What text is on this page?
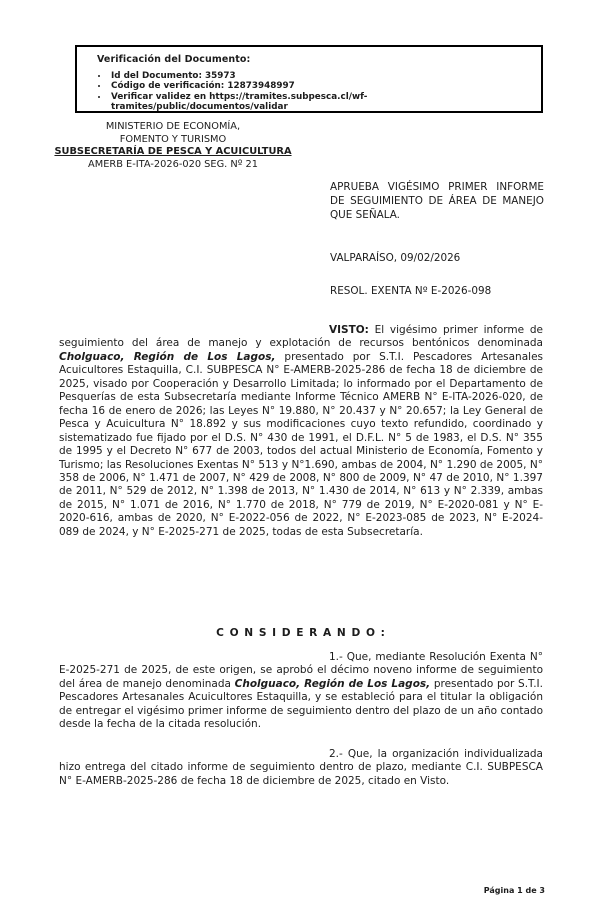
Verificación del Documento:
• Id del Documento: 35973
• Código de verificación: 12873948997
• Verificar validez en https://tramites.subpesca.cl/wf-tramites/public/documentos/validar
MINISTERIO DE ECONOMÍA,
FOMENTO Y TURISMO
SUBSECRETARÍA DE PESCA Y ACUICULTURA
AMERB E-ITA-2026-020 SEG. Nº 21
APRUEBA VIGÉSIMO PRIMER INFORME DE SEGUIMIENTO DE ÁREA DE MANEJO QUE SEÑALA.
VALPARAÍSO, 09/02/2026
RESOL. EXENTA Nº E-2026-098

VISTO: El vigésimo primer informe de seguimiento del área de manejo y explotación de recursos bentónicos denominada Cholguaco, Región de Los Lagos, presentado por S.T.I. Pescadores Artesanales Acuicultores Estaquilla, C.I. SUBPESCA N° E-AMERB-2025-286 de fecha 18 de diciembre de 2025, visado por Cooperación y Desarrollo Limitada; lo informado por el Departamento de Pesquerías de esta Subsecretaría mediante Informe Técnico AMERB N° E-ITA-2026-020, de fecha 16 de enero de 2026; las Leyes N° 19.880, N° 20.437 y N° 20.657; la Ley General de Pesca y Acuicultura N° 18.892 y sus modificaciones cuyo texto refundido, coordinado y sistematizado fue fijado por el D.S. N° 430 de 1991, el D.F.L. N° 5 de 1983, el D.S. N° 355 de 1995 y el Decreto N° 677 de 2003, todos del actual Ministerio de Economía, Fomento y Turismo; las Resoluciones Exentas N° 513 y N°1.690, ambas de 2004, N° 1.290 de 2005, N° 358 de 2006, N° 1.471 de 2007, N° 429 de 2008, N° 800 de 2009, N° 47 de 2010, N° 1.397 de 2011, N° 529 de 2012, N° 1.398 de 2013, N° 1.430 de 2014, N° 613 y N° 2.339, ambas de 2015, N° 1.071 de 2016, N° 1.770 de 2018, N° 779 de 2019, N° E-2020-081 y N° E-2020-616, ambas de 2020, N° E-2022-056 de 2022, N° E-2023-085 de 2023, N° E-2024-089 de 2024, y N° E-2025-271 de 2025, todas de esta Subsecretaría.

C O N S I D E R A N D O :

1.- Que, mediante Resolución Exenta N° E-2025-271 de 2025, de este origen, se aprobó el décimo noveno informe de seguimiento del área de manejo denominada Cholguaco, Región de Los Lagos, presentado por S.T.I. Pescadores Artesanales Acuicultores Estaquilla, y se estableció para el titular la obligación de entregar el vigésimo primer informe de seguimiento dentro del plazo de un año contado desde la fecha de la citada resolución.

2.- Que, la organización individualizada hizo entrega del citado informe de seguimiento dentro de plazo, mediante C.I. SUBPESCA N° E-AMERB-2025-286 de fecha 18 de diciembre de 2025, citado en Visto.

Página 1 de 3
